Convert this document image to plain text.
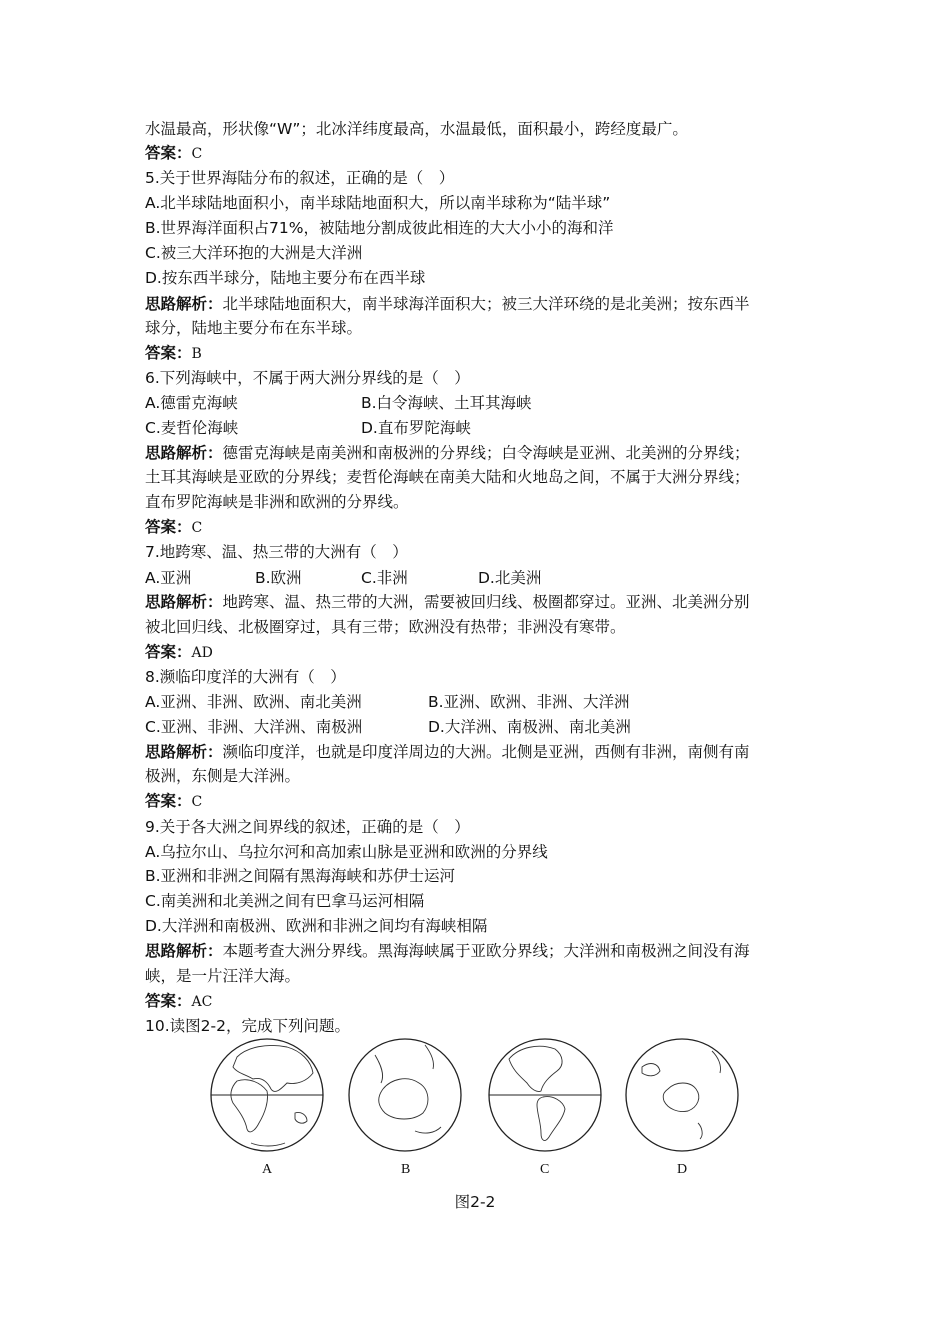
水温最高，形状像“W”；北冰洋纬度最高，水温最低，面积最小，跨经度最广。
答案：C
5.关于世界海陆分布的叙述，正确的是（　）
A.北半球陆地面积小，南半球陆地面积大，所以南半球称为“陆半球”
B.世界海洋面积占71%，被陆地分割成彼此相连的大大小小的海和洋
C.被三大洋环抱的大洲是大洋洲
D.按东西半球分，陆地主要分布在西半球
思路解析：北半球陆地面积大，南半球海洋面积大；被三大洋环绕的是北美洲；按东西半
球分，陆地主要分布在东半球。
答案：B
6.下列海峡中，不属于两大洲分界线的是（　）
A.德雷克海峡	B.白令海峡、土耳其海峡
C.麦哲伦海峡	D.直布罗陀海峡
思路解析：德雷克海峡是南美洲和南极洲的分界线；白令海峡是亚洲、北美洲的分界线；
土耳其海峡是亚欧的分界线；麦哲伦海峡在南美大陆和火地岛之间，不属于大洲分界线；
直布罗陀海峡是非洲和欧洲的分界线。
答案：C
7.地跨寒、温、热三带的大洲有（　）
A.亚洲	B.欧洲	C.非洲	D.北美洲
思路解析：地跨寒、温、热三带的大洲，需要被回归线、极圈都穿过。亚洲、北美洲分别
被北回归线、北极圈穿过，具有三带；欧洲没有热带；非洲没有寒带。
答案：AD
8.濒临印度洋的大洲有（　）
A.亚洲、非洲、欧洲、南北美洲	B.亚洲、欧洲、非洲、大洋洲
C.亚洲、非洲、大洋洲、南极洲	D.大洋洲、南极洲、南北美洲
思路解析：濒临印度洋，也就是印度洋周边的大洲。北侧是亚洲，西侧有非洲，南侧有南
极洲，东侧是大洋洲。
答案：C
9.关于各大洲之间界线的叙述，正确的是（　）
A.乌拉尔山、乌拉尔河和高加索山脉是亚洲和欧洲的分界线
B.亚洲和非洲之间隔有黑海海峡和苏伊士运河
C.南美洲和北美洲之间有巴拿马运河相隔
D.大洋洲和南极洲、欧洲和非洲之间均有海峡相隔
思路解析：本题考查大洲分界线。黑海海峡属于亚欧分界线；大洋洲和南极洲之间没有海
峡，是一片汪洋大海。
答案：AC
10.读图2-2，完成下列问题。
A	B	C	D
图2-2
